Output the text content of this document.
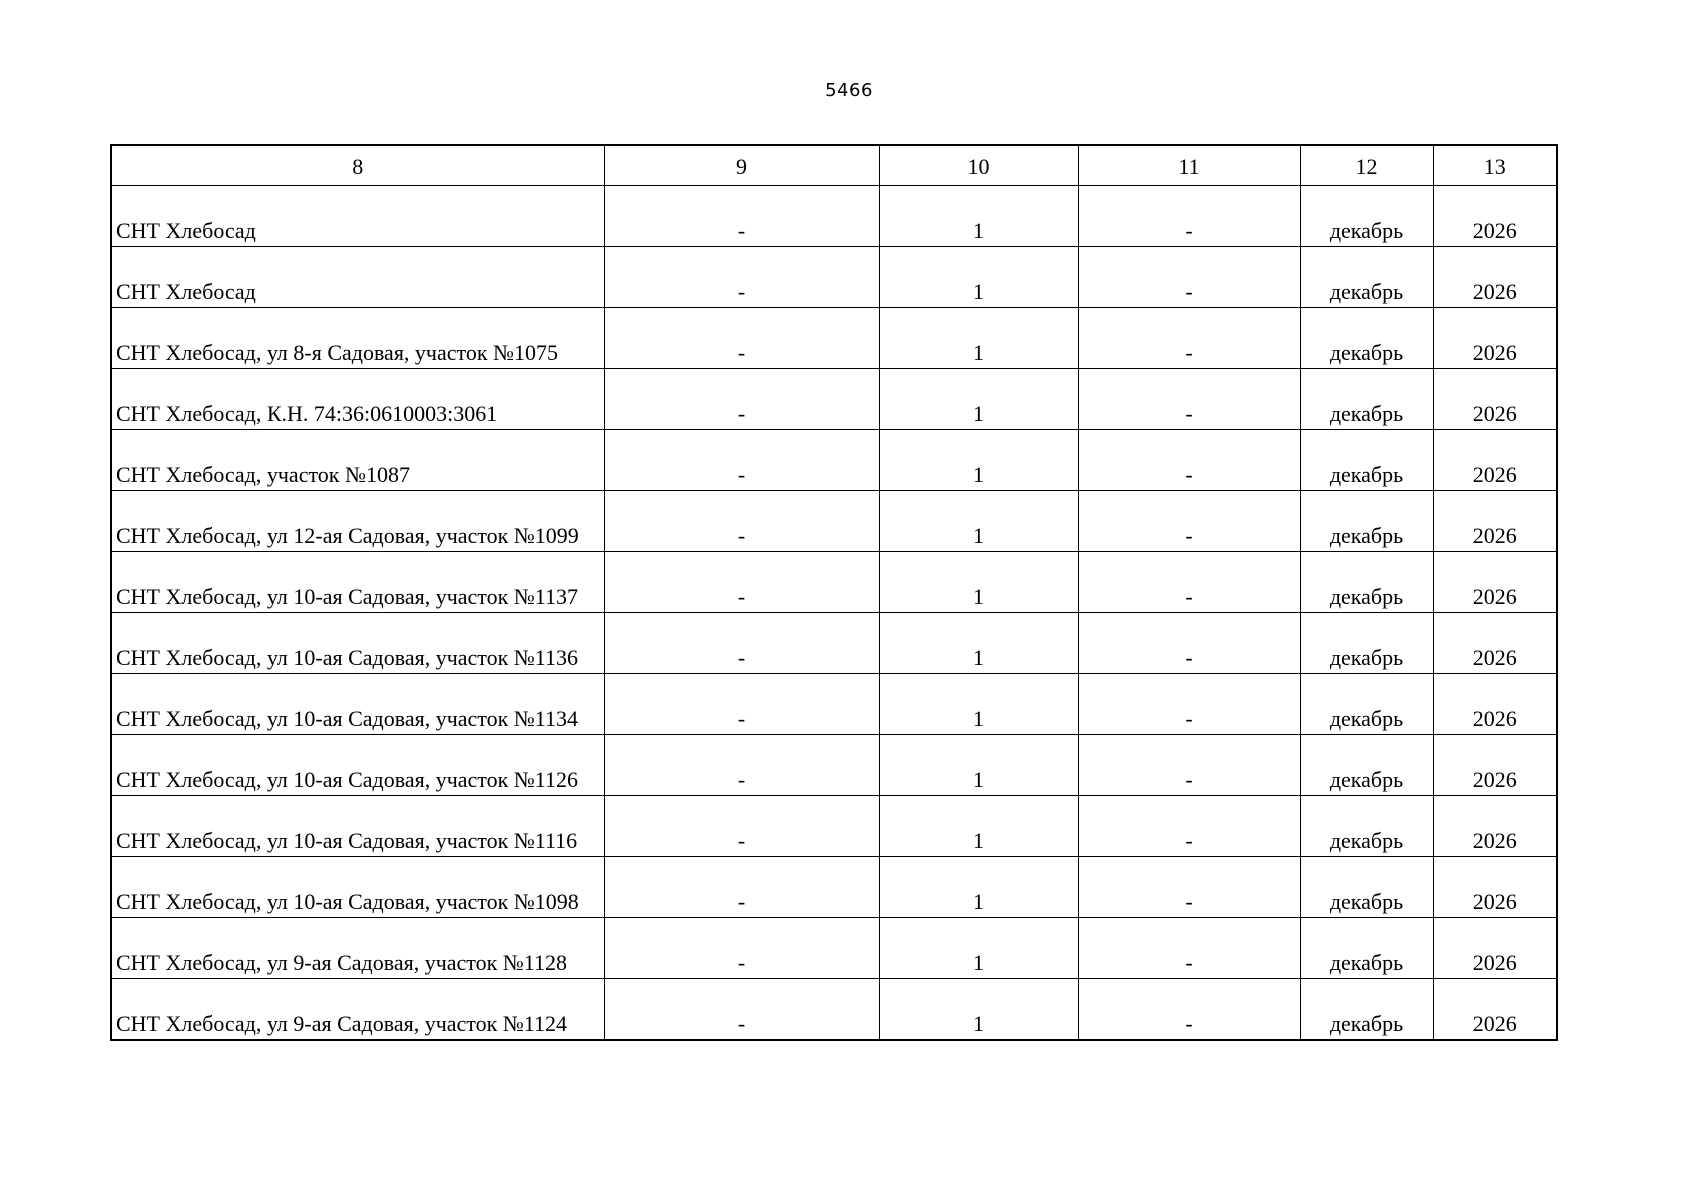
5466
8	9	10	11	12	13
СНТ Хлебосад	-	1	-	декабрь	2026
СНТ Хлебосад	-	1	-	декабрь	2026
СНТ Хлебосад, ул 8-я Садовая, участок №1075	-	1	-	декабрь	2026
СНТ Хлебосад, К.Н. 74:36:0610003:3061	-	1	-	декабрь	2026
СНТ Хлебосад, участок №1087	-	1	-	декабрь	2026
СНТ Хлебосад, ул 12-ая Садовая, участок №1099	-	1	-	декабрь	2026
СНТ Хлебосад, ул 10-ая Садовая, участок №1137	-	1	-	декабрь	2026
СНТ Хлебосад, ул 10-ая Садовая, участок №1136	-	1	-	декабрь	2026
СНТ Хлебосад, ул 10-ая Садовая, участок №1134	-	1	-	декабрь	2026
СНТ Хлебосад, ул 10-ая Садовая, участок №1126	-	1	-	декабрь	2026
СНТ Хлебосад, ул 10-ая Садовая, участок №1116	-	1	-	декабрь	2026
СНТ Хлебосад, ул 10-ая Садовая, участок №1098	-	1	-	декабрь	2026
СНТ Хлебосад, ул 9-ая Садовая, участок №1128	-	1	-	декабрь	2026
СНТ Хлебосад, ул 9-ая Садовая, участок №1124	-	1	-	декабрь	2026
